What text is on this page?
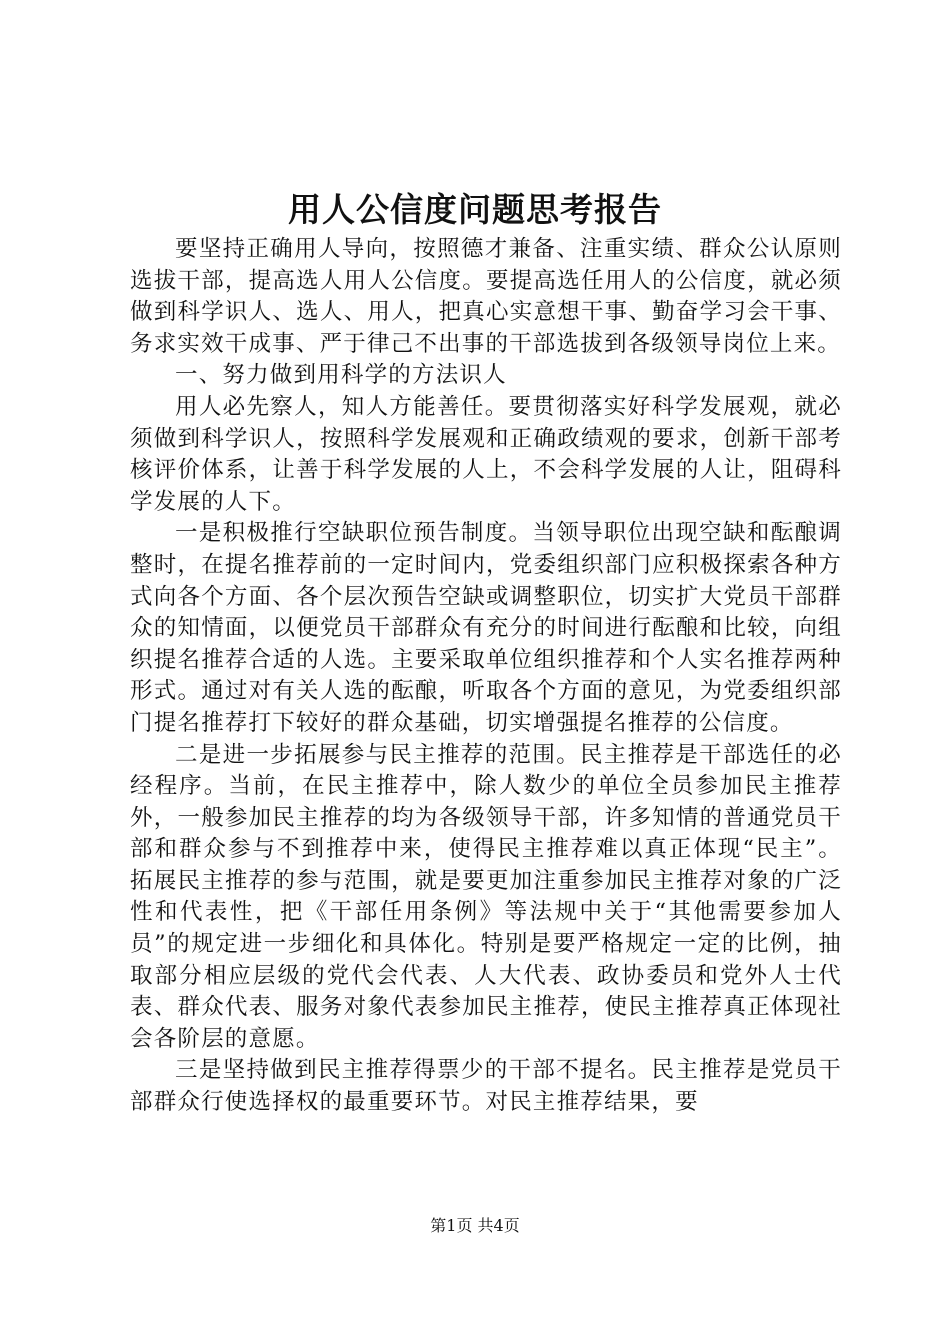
用人公信度问题思考报告

要坚持正确用人导向，按照德才兼备、注重实绩、群众公认原则选拔干部，提高选人用人公信度。要提高选任用人的公信度，就必须做到科学识人、选人、用人，把真心实意想干事、勤奋学习会干事、务求实效干成事、严于律己不出事的干部选拔到各级领导岗位上来。

一、努力做到用科学的方法识人

用人必先察人，知人方能善任。要贯彻落实好科学发展观，就必须做到科学识人，按照科学发展观和正确政绩观的要求，创新干部考核评价体系，让善于科学发展的人上，不会科学发展的人让，阻碍科学发展的人下。

一是积极推行空缺职位预告制度。当领导职位出现空缺和酝酿调整时，在提名推荐前的一定时间内，党委组织部门应积极探索各种方式向各个方面、各个层次预告空缺或调整职位，切实扩大党员干部群众的知情面，以便党员干部群众有充分的时间进行酝酿和比较，向组织提名推荐合适的人选。主要采取单位组织推荐和个人实名推荐两种形式。通过对有关人选的酝酿，听取各个方面的意见，为党委组织部门提名推荐打下较好的群众基础，切实增强提名推荐的公信度。

二是进一步拓展参与民主推荐的范围。民主推荐是干部选任的必经程序。当前，在民主推荐中，除人数少的单位全员参加民主推荐外，一般参加民主推荐的均为各级领导干部，许多知情的普通党员干部和群众参与不到推荐中来，使得民主推荐难以真正体现“民主”。拓展民主推荐的参与范围，就是要更加注重参加民主推荐对象的广泛性和代表性，把《干部任用条例》等法规中关于“其他需要参加人员”的规定进一步细化和具体化。特别是要严格规定一定的比例，抽取部分相应层级的党代会代表、人大代表、政协委员和党外人士代表、群众代表、服务对象代表参加民主推荐，使民主推荐真正体现社会各阶层的意愿。

三是坚持做到民主推荐得票少的干部不提名。民主推荐是党员干部群众行使选择权的最重要环节。对民主推荐结果，要

第1页 共4页
